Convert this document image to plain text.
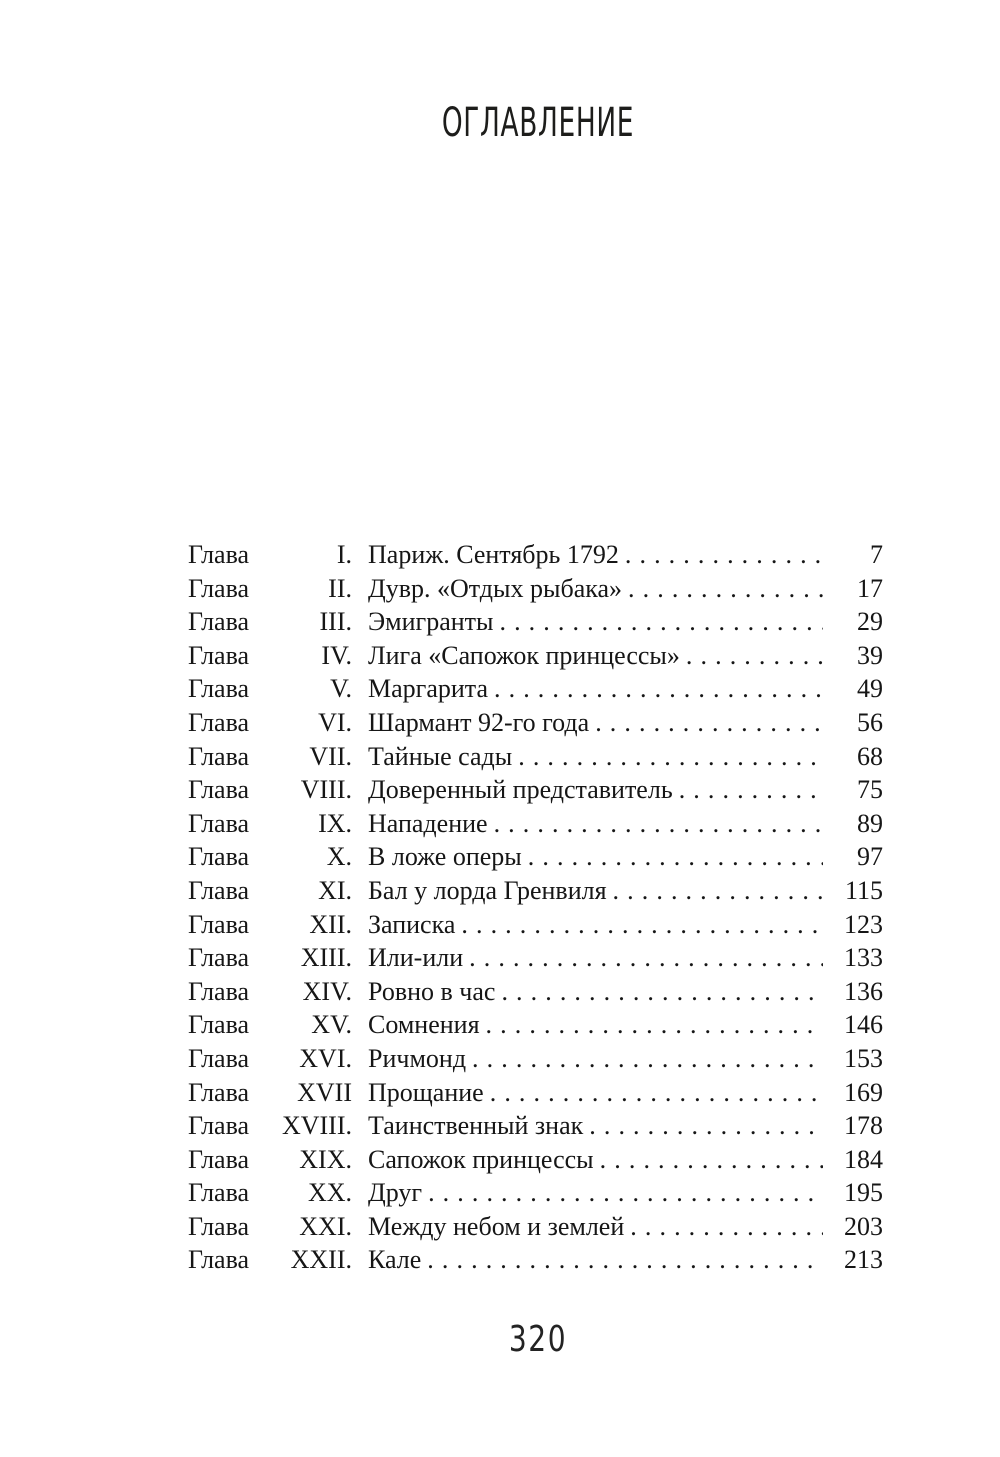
ОГЛАВЛЕНИЕ
Глава	I. Париж. Сентябрь 1792 .....	7
Глава	II. Дувр. «Отдых рыбака» .....	17
Глава	III. Эмигранты .....	29
Глава	IV. Лига «Сапожок принцессы» .....	39
Глава	V. Маргарита .....	49
Глава	VI. Шармант 92-го года .....	56
Глава	VII. Тайные сады .....	68
Глава	VIII. Доверенный представитель .....	75
Глава	IX. Нападение .....	89
Глава	X. В ложе оперы .....	97
Глава	XI. Бал у лорда Гренвиля .....	115
Глава	XII. Записка .....	123
Глава	XIII. Или-или .....	133
Глава	XIV. Ровно в час .....	136
Глава	XV. Сомнения .....	146
Глава	XVI. Ричмонд .....	153
Глава	XVII Прощание .....	169
Глава	XVIII. Таинственный знак .....	178
Глава	XIX. Сапожок принцессы .....	184
Глава	XX. Друг .....	195
Глава	XXI. Между небом и землей .....	203
Глава	XXII. Кале .....	213
320
